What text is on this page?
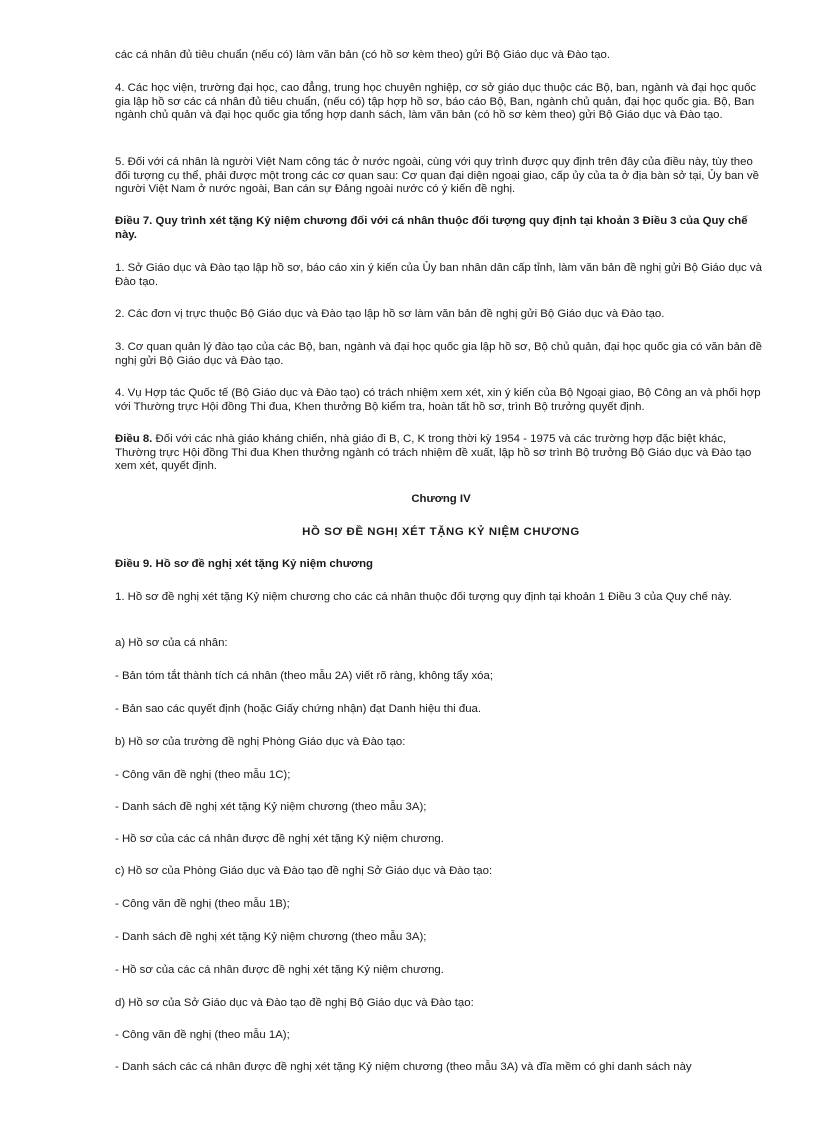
các cá nhân đủ tiêu chuẩn (nếu có) làm văn bản (có hồ sơ kèm theo) gửi Bộ Giáo dục và Đào tạo.

4. Các học viện, trường đại học, cao đẳng, trung học chuyên nghiệp, cơ sở giáo dục thuộc các Bộ, ban, ngành và đại học quốc gia lập hồ sơ các cá nhân đủ tiêu chuẩn, (nếu có) tập hợp hồ sơ, báo cáo Bộ, Ban, ngành chủ quản, đại học quốc gia. Bộ, Ban ngành chủ quản và đại học quốc gia tổng hợp danh sách, làm văn bản (có hồ sơ kèm theo) gửi Bộ Giáo dục và Đào tạo.

5. Đối với cá nhân là người Việt Nam công tác ở nước ngoài, cùng với quy trình được quy định trên đây của điều này, tùy theo đối tượng cụ thể, phải được một trong các cơ quan sau: Cơ quan đại diện ngoại giao, cấp ủy của ta ở địa bàn sở tại, Ủy ban về người Việt Nam ở nước ngoài, Ban cán sự Đảng ngoài nước có ý kiến đề nghị.

Điều 7. Quy trình xét tặng Kỷ niệm chương đối với cá nhân thuộc đối tượng quy định tại khoản 3 Điều 3 của Quy chế này.

1. Sở Giáo dục và Đào tạo lập hồ sơ, báo cáo xin ý kiến của Ủy ban nhân dân cấp tỉnh, làm văn bản đề nghị gửi Bộ Giáo dục và Đào tạo.

2. Các đơn vị trực thuộc Bộ Giáo dục và Đào tạo lập hồ sơ làm văn bản đề nghị gửi Bộ Giáo dục và Đào tạo.

3. Cơ quan quản lý đào tạo của các Bộ, ban, ngành và đại học quốc gia lập hồ sơ, Bộ chủ quản, đại học quốc gia có văn bản đề nghị gửi Bộ Giáo dục và Đào tạo.

4. Vụ Hợp tác Quốc tế (Bộ Giáo dục và Đào tạo) có trách nhiệm xem xét, xin ý kiến của Bộ Ngoại giao, Bộ Công an và phối hợp với Thường trực Hội đồng Thi đua, Khen thưởng Bộ kiểm tra, hoàn tất hồ sơ, trình Bộ trưởng quyết định.

Điều 8. Đối với các nhà giáo kháng chiến, nhà giáo đi B, C, K trong thời kỳ 1954 - 1975 và các trường hợp đặc biệt khác, Thường trực Hội đồng Thi đua Khen thưởng ngành có trách nhiệm đề xuất, lập hồ sơ trình Bộ trưởng Bộ Giáo dục và Đào tạo xem xét, quyết định.

Chương IV

HỒ SƠ ĐỀ NGHỊ XÉT TẶNG KỶ NIỆM CHƯƠNG

Điều 9. Hồ sơ đề nghị xét tặng Kỷ niệm chương

1. Hồ sơ đề nghị xét tặng Kỷ niệm chương cho các cá nhân thuộc đối tượng quy định tại khoản 1 Điều 3 của Quy chế này.

a) Hồ sơ của cá nhân:

- Bản tóm tắt thành tích cá nhân (theo mẫu 2A) viết rõ ràng, không tẩy xóa;

- Bản sao các quyết định (hoặc Giấy chứng nhận) đạt Danh hiệu thi đua.

b) Hồ sơ của trường đề nghị Phòng Giáo dục và Đào tạo:

- Công văn đề nghị (theo mẫu 1C);

- Danh sách đề nghị xét tặng Kỷ niệm chương (theo mẫu 3A);

- Hồ sơ của các cá nhân được đề nghị xét tặng Kỷ niệm chương.

c) Hồ sơ của Phòng Giáo dục và Đào tạo đề nghị Sở Giáo dục và Đào tạo:

- Công văn đề nghị (theo mẫu 1B);

- Danh sách đề nghị xét tặng Kỷ niệm chương (theo mẫu 3A);

- Hồ sơ của các cá nhân được đề nghị xét tặng Kỷ niệm chương.

d) Hồ sơ của Sở Giáo dục và Đào tạo đề nghị Bộ Giáo dục và Đào tạo:

- Công văn đề nghị (theo mẫu 1A);

- Danh sách các cá nhân được đề nghị xét tặng Kỷ niệm chương (theo mẫu 3A) và đĩa mềm có ghi danh sách này
